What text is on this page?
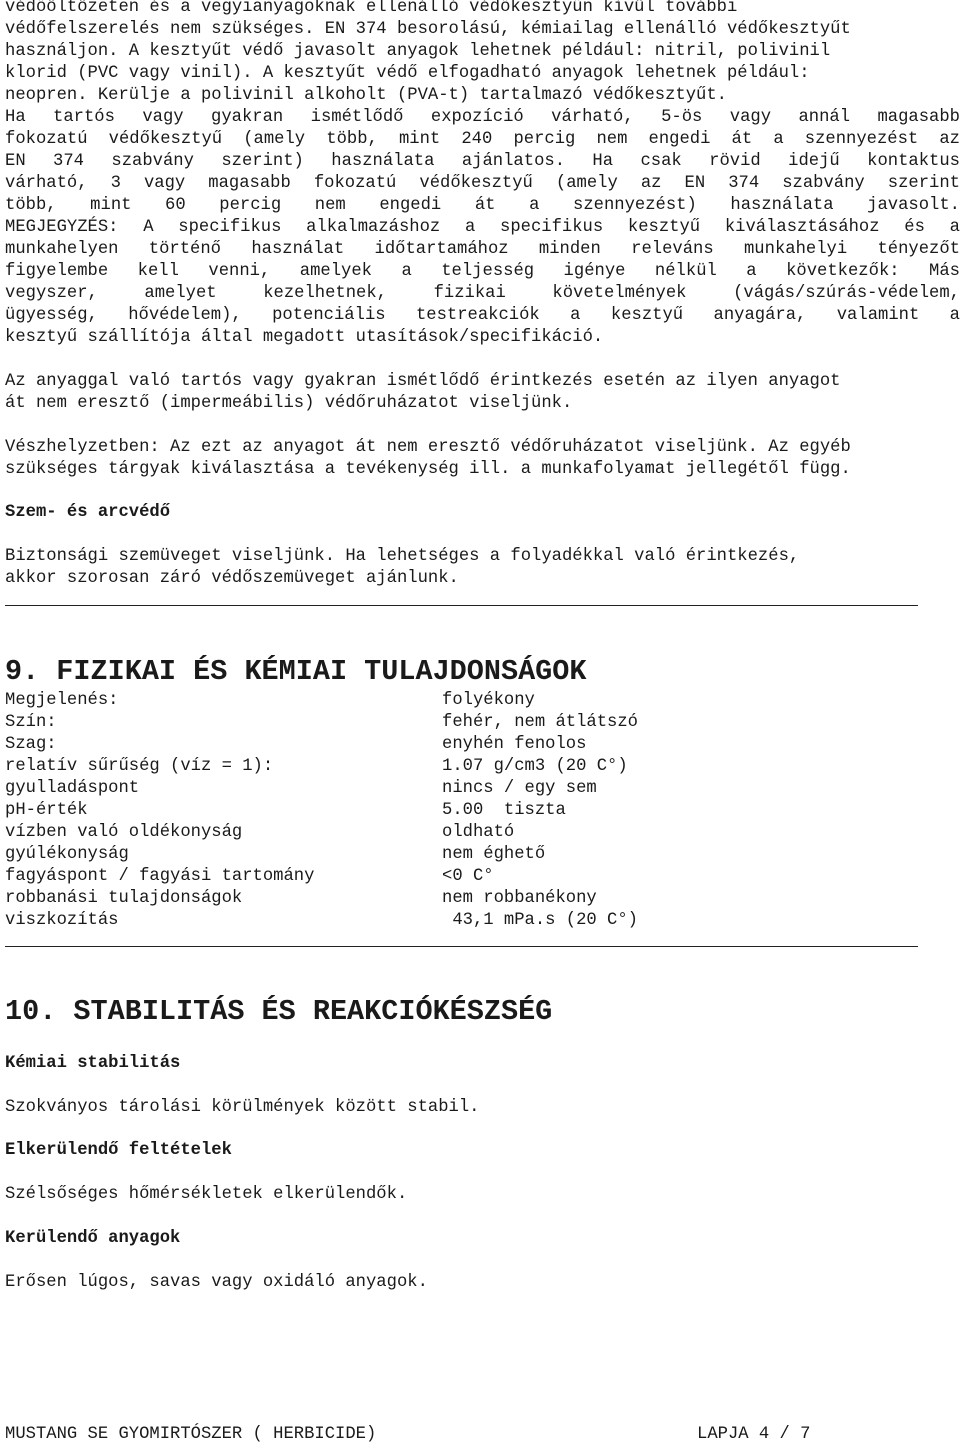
védőöltözeten és a vegyianyagoknak ellenálló védőkesztyűn kívül további
védőfelszerelés nem szükséges. EN 374 besorolású, kémiailag ellenálló védőkesztyűt
használjon. A kesztyűt védő javasolt anyagok lehetnek például: nitril, polivinil
klorid (PVC vagy vinil). A kesztyűt védő elfogadható anyagok lehetnek például:
neopren. Kerülje a polivinil alkoholt (PVA-t) tartalmazó védőkesztyűt.
Ha tartós vagy gyakran ismétlődő expozíció várható, 5-ös vagy annál magasabb
fokozatú védőkesztyű (amely több, mint 240 percig nem engedi át a szennyezést az
EN 374 szabvány szerint) használata ajánlatos. Ha csak rövid idejű kontaktus
várható, 3 vagy magasabb fokozatú védőkesztyű (amely az EN 374 szabvány szerint
több, mint 60 percig nem engedi át a szennyezést) használata javasolt.
MEGJEGYZÉS: A specifikus alkalmazáshoz a specifikus kesztyű kiválasztásához és a
munkahelyen történő használat időtartamához minden releváns munkahelyi tényezőt
figyelembe kell venni, amelyek a teljesség igénye nélkül a következők: Más
vegyszer, amelyet kezelhetnek, fizikai követelmények (vágás/szúrás-védelem,
ügyesség, hővédelem), potenciális testreakciók a kesztyű anyagára, valamint a
kesztyű szállítója által megadott utasítások/specifikáció.
Az anyaggal való tartós vagy gyakran ismétlődő érintkezés esetén az ilyen anyagot
át nem eresztő (impermeábilis) védőruházatot viseljünk.
Vészhelyzetben: Az ezt az anyagot át nem eresztő védőruházatot viseljünk. Az egyéb
szükséges tárgyak kiválasztása a tevékenység ill. a munkafolyamat jellegétől függ.
Szem- és arcvédő
Biztonsági szemüveget viseljünk. Ha lehetséges a folyadékkal való érintkezés,
akkor szorosan záró védőszemüveget ajánlunk.
9. FIZIKAI ÉS KÉMIAI TULAJDONSÁGOK
Megjelenés:	folyékony
Szín:	fehér, nem átlátszó
Szag:	enyhén fenolos
relatív sűrűség (víz = 1):	1.07 g/cm3 (20 C°)
gyulladáspont	nincs / egy sem
pH-érték	5.00  tiszta
vízben való oldékonyság	oldható
gyúlékonyság	nem éghető
fagyáspont / fagyási tartomány	<0 C°
robbanási tulajdonságok	nem robbanékony
viszkozítás	43,1 mPa.s (20 C°)
10. STABILITÁS ÉS REAKCIÓKÉSZSÉG
Kémiai stabilitás
Szokványos tárolási körülmények között stabil.
Elkerülendő feltételek
Szélsőséges hőmérsékletek elkerülendők.
Kerülendő anyagok
Erősen lúgos, savas vagy oxidáló anyagok.
MUSTANG SE GYOMIRTÓSZER ( HERBICIDE)	LAPJA 4 / 7
